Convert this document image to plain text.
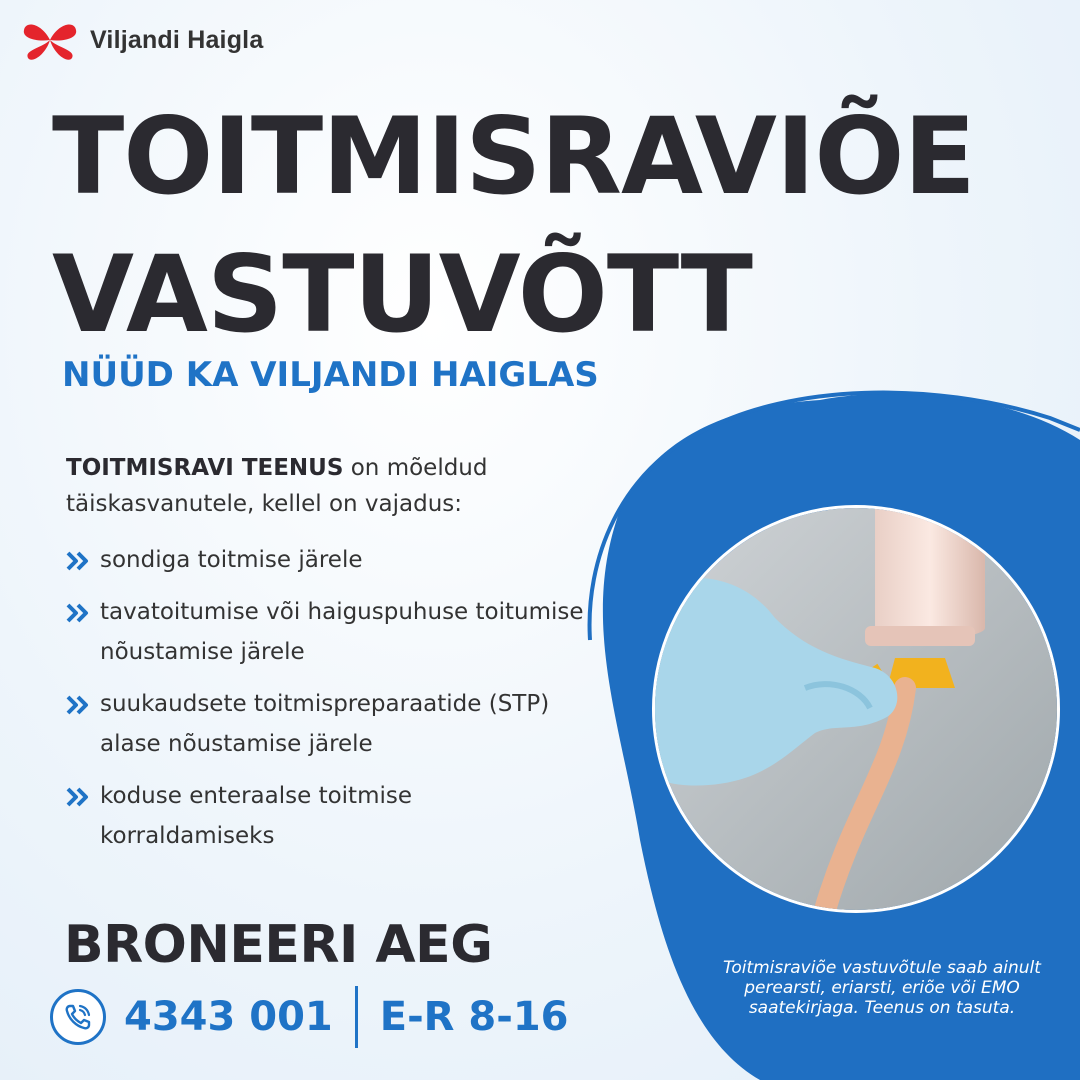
Viljandi Haigla
TOITMISRAVIÕE
VASTUVÕTT
NÜÜD KA VILJANDI HAIGLAS
TOITMISRAVI TEENUS on mõeldud
täiskasvanutele, kellel on vajadus:
sondiga toitmise järele
tavatoitumise või haiguspuhuse toitumise nõustamise järele
suukaudsete toitmispreparaatide (STP) alase nõustamise järele
koduse enteraalse toitmise korraldamiseks
Toitmisraviõe vastuvõtule saab ainult perearsti, eriarsti, eriõe või EMO saatekirjaga. Teenus on tasuta.
BRONEERI AEG
4343 001 E-R 8-16
